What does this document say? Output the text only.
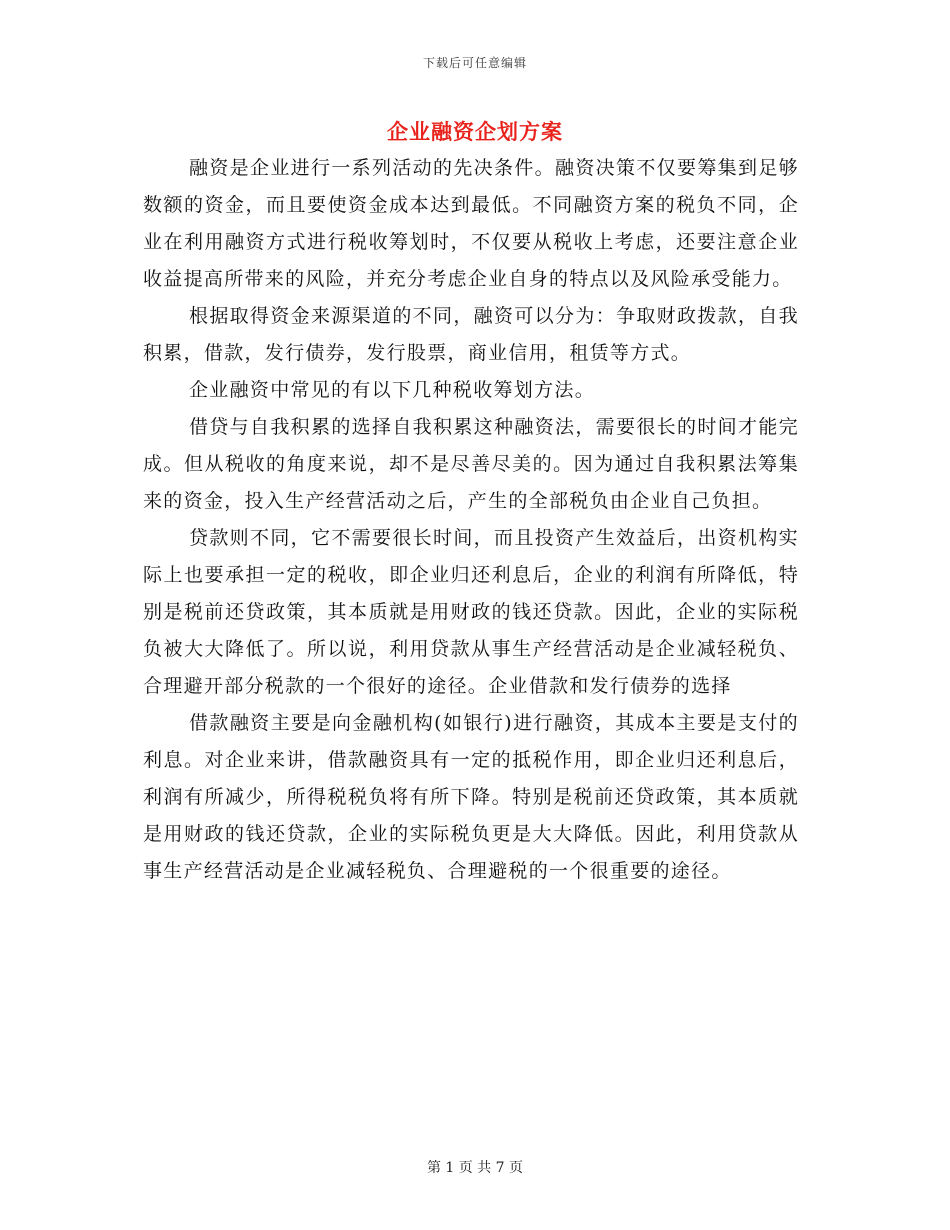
下载后可任意编辑
企业融资企划方案

融资是企业进行一系列活动的先决条件。融资决策不仅要筹集到足够数额的资金，而且要使资金成本达到最低。不同融资方案的税负不同，企业在利用融资方式进行税收筹划时，不仅要从税收上考虑，还要注意企业收益提高所带来的风险，并充分考虑企业自身的特点以及风险承受能力。

根据取得资金来源渠道的不同，融资可以分为：争取财政拨款，自我积累，借款，发行债券，发行股票，商业信用，租赁等方式。

企业融资中常见的有以下几种税收筹划方法。

借贷与自我积累的选择自我积累这种融资法，需要很长的时间才能完成。但从税收的角度来说，却不是尽善尽美的。因为通过自我积累法筹集来的资金，投入生产经营活动之后，产生的全部税负由企业自己负担。

贷款则不同，它不需要很长时间，而且投资产生效益后，出资机构实际上也要承担一定的税收，即企业归还利息后，企业的利润有所降低，特别是税前还贷政策，其本质就是用财政的钱还贷款。因此，企业的实际税负被大大降低了。所以说，利用贷款从事生产经营活动是企业减轻税负、合理避开部分税款的一个很好的途径。企业借款和发行债券的选择

借款融资主要是向金融机构(如银行)进行融资，其成本主要是支付的利息。对企业来讲，借款融资具有一定的抵税作用，即企业归还利息后，利润有所减少，所得税税负将有所下降。特别是税前还贷政策，其本质就是用财政的钱还贷款，企业的实际税负更是大大降低。因此，利用贷款从事生产经营活动是企业减轻税负、合理避税的一个很重要的途径。

第 1 页 共 7 页
